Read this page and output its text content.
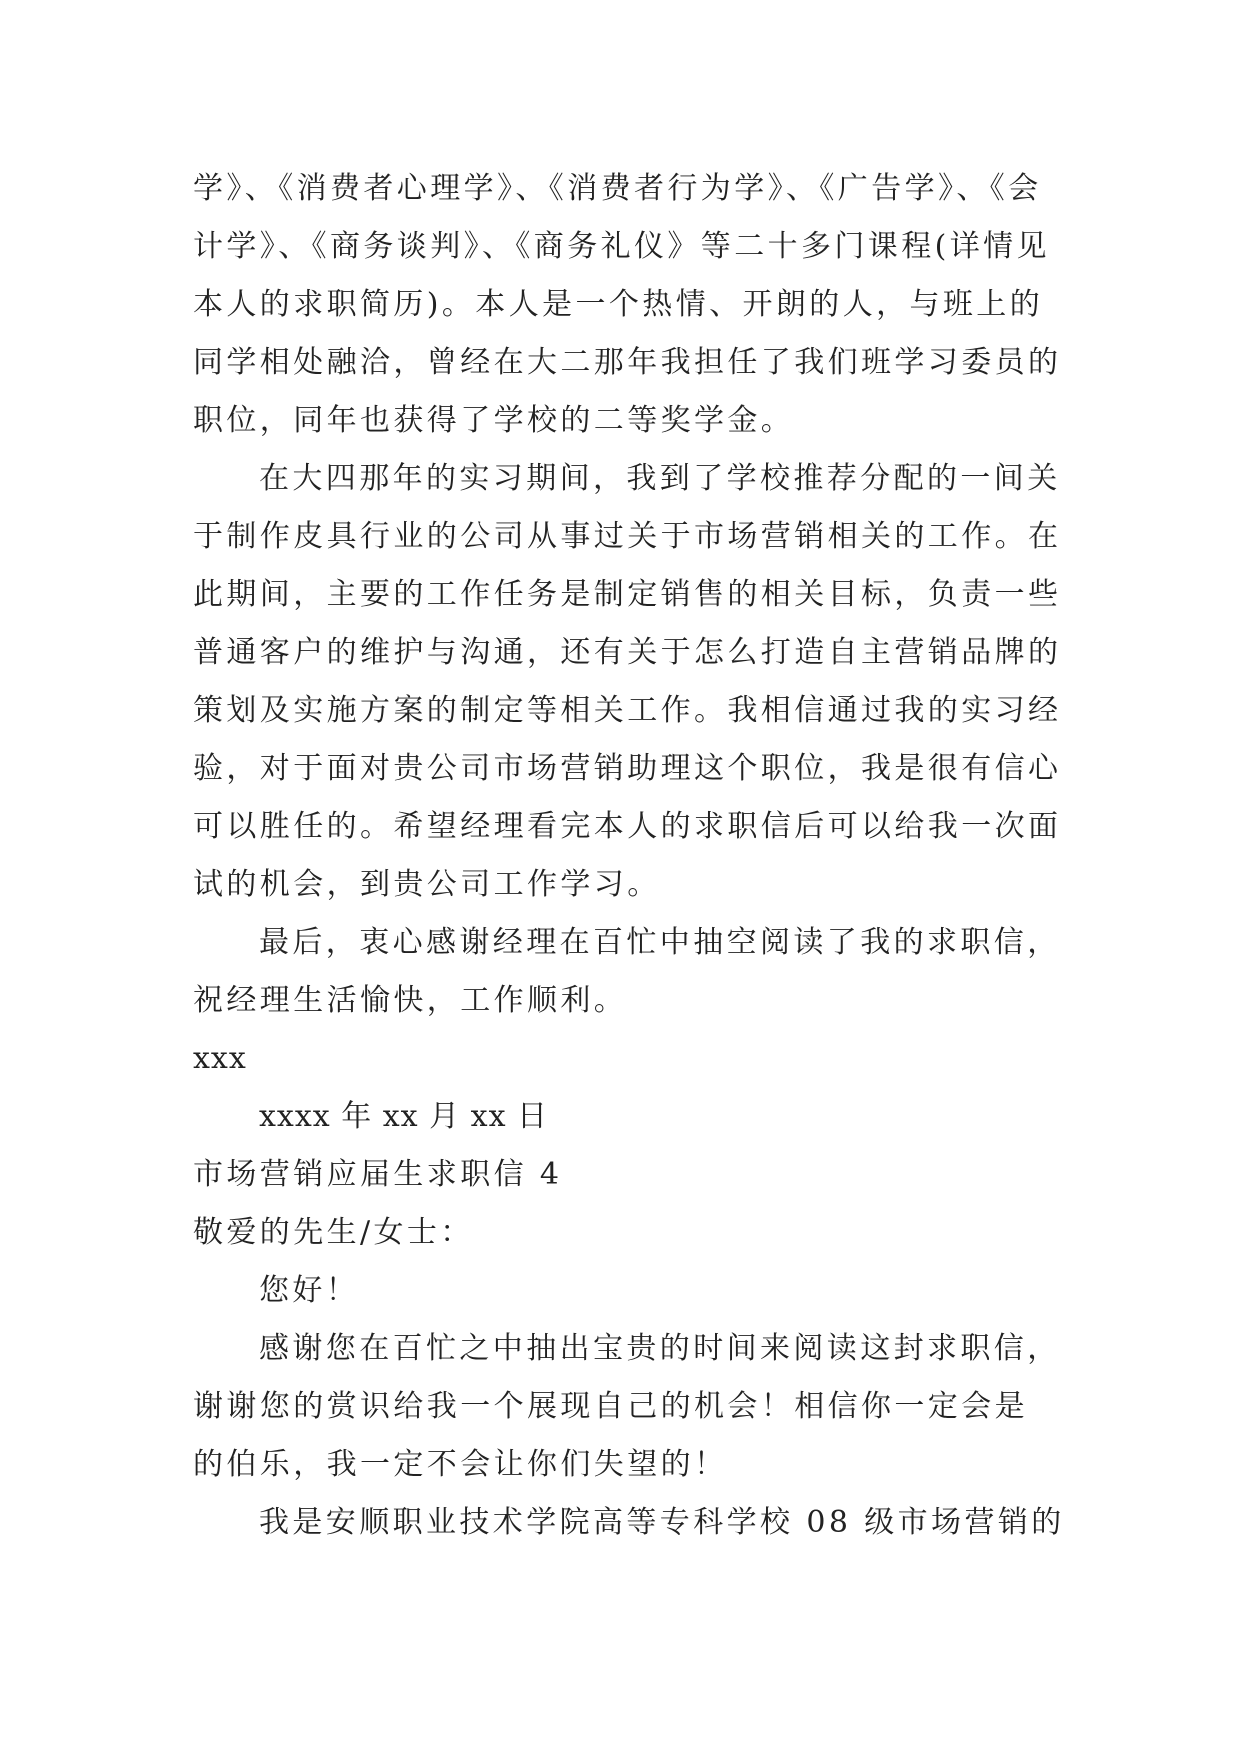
学》、《消费者心理学》、《消费者行为学》、《广告学》、《会
计学》、《商务谈判》、《商务礼仪》等二十多门课程(详情见
本人的求职简历)。本人是一个热情、开朗的人，与班上的
同学相处融洽，曾经在大二那年我担任了我们班学习委员的
职位，同年也获得了学校的二等奖学金。
在大四那年的实习期间，我到了学校推荐分配的一间关
于制作皮具行业的公司从事过关于市场营销相关的工作。在
此期间，主要的工作任务是制定销售的相关目标，负责一些
普通客户的维护与沟通，还有关于怎么打造自主营销品牌的
策划及实施方案的制定等相关工作。我相信通过我的实习经
验，对于面对贵公司市场营销助理这个职位，我是很有信心
可以胜任的。希望经理看完本人的求职信后可以给我一次面
试的机会，到贵公司工作学习。
最后，衷心感谢经理在百忙中抽空阅读了我的求职信，
祝经理生活愉快，工作顺利。
xxx
xxxx 年 xx 月 xx 日
市场营销应届生求职信 4
敬爱的先生/女士：
您好！
感谢您在百忙之中抽出宝贵的时间来阅读这封求职信，
谢谢您的赏识给我一个展现自己的机会！相信你一定会是
的伯乐，我一定不会让你们失望的！
我是安顺职业技术学院高等专科学校 08 级市场营销的
